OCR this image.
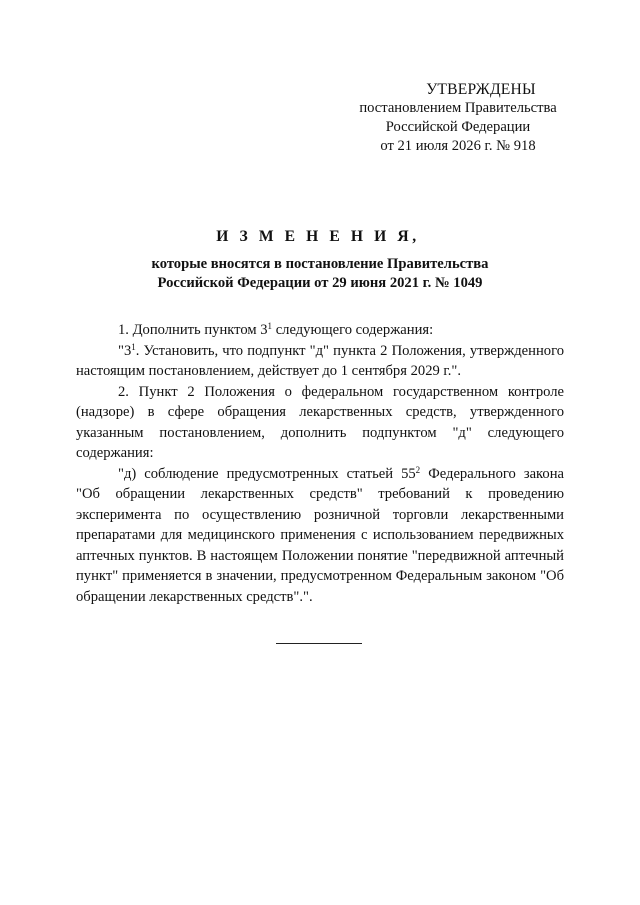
УТВЕРЖДЕНЫ
постановлением Правительства
Российской Федерации
от 21 июля 2026 г. № 918
И З М Е Н Е Н И Я,
которые вносятся в постановление Правительства
Российской Федерации от 29 июня 2021 г. № 1049

1. Дополнить пунктом $3^1$ следующего содержания:

"$3^1$. Установить, что подпункт "д" пункта 2 Положения, утвержденного настоящим постановлением, действует до 1 сентября 2029 г.".

2. Пункт 2 Положения о федеральном государственном контроле (надзоре) в сфере обращения лекарственных средств, утвержденного указанным постановлением, дополнить подпунктом "д" следующего содержания:

"д) соблюдение предусмотренных статьей $55^2$ Федерального закона "Об обращении лекарственных средств" требований к проведению эксперимента по осуществлению розничной торговли лекарственными препаратами для медицинского применения с использованием передвижных аптечных пунктов. В настоящем Положении понятие "передвижной аптечный пункт" применяется в значении, предусмотренном Федеральным законом "Об обращении лекарственных средств".".
